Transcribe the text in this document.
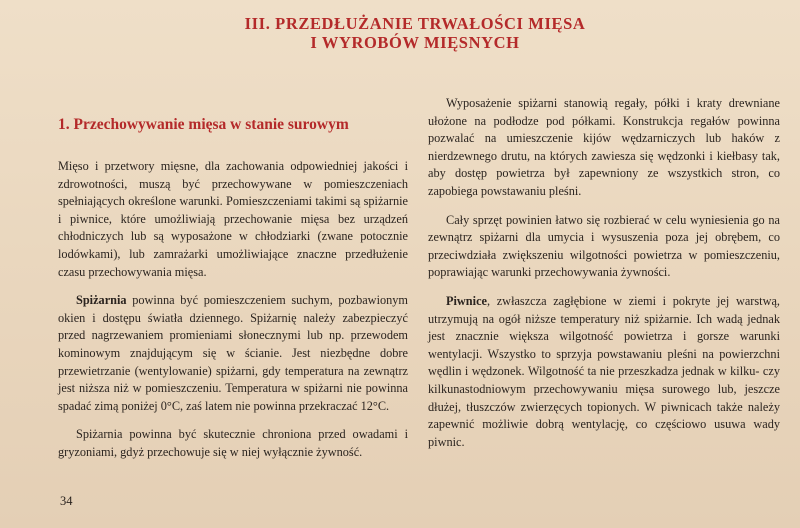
III. PRZEDŁUŻANIE TRWAŁOŚCI MIĘSA
I WYROBÓW MIĘSNYCH
1. Przechowywanie mięsa w stanie surowym

Mięso i przetwory mięsne, dla zachowania odpowiedniej jakości i zdrowotności, muszą być przechowywane w pomieszczeniach spełniających określone warunki. Pomieszczeniami takimi są spiżarnie i piwnice, które umożliwiają przechowanie mięsa bez urządzeń chłodniczych lub są wyposażone w chłodziarki (zwane potocznie lodówkami), lub zamrażarki umożliwiające znaczne przedłużenie czasu przechowywania mięsa.

Spiżarnia powinna być pomieszczeniem suchym, pozbawionym okien i dostępu światła dziennego. Spiżarnię należy zabezpieczyć przed nagrzewaniem promieniami słonecznymi lub np. przewodem kominowym znajdującym się w ścianie. Jest niezbędne dobre przewietrzanie (wentylowanie) spiżarni, gdy temperatura na zewnątrz jest niższa niż w pomieszczeniu. Temperatura w spiżarni nie powinna spadać zimą poniżej 0°C, zaś latem nie powinna przekraczać 12°C.

Spiżarnia powinna być skutecznie chroniona przed owadami i gryzoniami, gdyż przechowuje się w niej wyłącznie żywność.

Wyposażenie spiżarni stanowią regały, półki i kraty drewniane ułożone na podłodze pod półkami. Konstrukcja regałów powinna pozwalać na umieszczenie kijów wędzarniczych lub haków z nierdzewnego drutu, na których zawiesza się wędzonki i kiełbasy tak, aby dostęp powietrza był zapewniony ze wszystkich stron, co zapobiega powstawaniu pleśni.

Cały sprzęt powinien łatwo się rozbierać w celu wyniesienia go na zewnątrz spiżarni dla umycia i wysuszenia poza jej obrębem, co przeciwdziała zwiększeniu wilgotności powietrza w pomieszczeniu, poprawiając warunki przechowywania żywności.

Piwnice, zwłaszcza zagłębione w ziemi i pokryte jej warstwą, utrzymują na ogół niższe temperatury niż spiżarnie. Ich wadą jednak jest znacznie większa wilgotność powietrza i gorsze warunki wentylacji. Wszystko to sprzyja powstawaniu pleśni na powierzchni wędlin i wędzonek. Wilgotność ta nie przeszkadza jednak w kilku- czy kilkunastodniowym przechowywaniu mięsa surowego lub, jeszcze dłużej, tłuszczów zwierzęcych topionych. W piwnicach także należy zapewnić możliwie dobrą wentylację, co częściowo usuwa wady piwnic.

34
